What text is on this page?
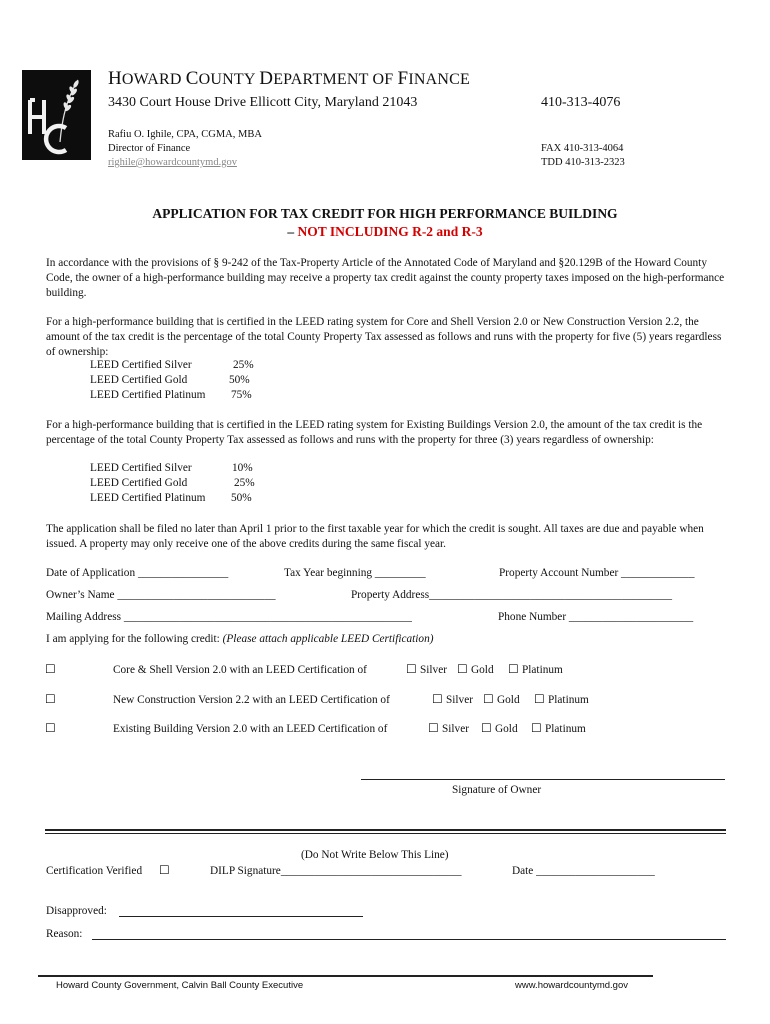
HOWARD COUNTY DEPARTMENT OF FINANCE
3430 Court House Drive Ellicott City, Maryland 21043	410-313-4076
Rafiu O. Ighile, CPA, CGMA, MBA
Director of Finance
righile@howardcountymd.gov
FAX 410-313-4064
TDD 410-313-2323
APPLICATION FOR TAX CREDIT FOR HIGH PERFORMANCE BUILDING
– NOT INCLUDING R-2 and R-3
In accordance with the provisions of § 9-242 of the Tax-Property Article of the Annotated Code of Maryland and §20.129B of the Howard County Code, the owner of a high-performance building may receive a property tax credit against the county property taxes imposed on the high-performance building.
For a high-performance building that is certified in the LEED rating system for Core and Shell Version 2.0 or New Construction Version 2.2, the amount of the tax credit is the percentage of the total County Property Tax assessed as follows and runs with the property for five (5) years regardless of ownership:
LEED Certified Silver	25%
LEED Certified Gold	50%
LEED Certified Platinum 75%
For a high-performance building that is certified in the LEED rating system for Existing Buildings Version 2.0, the amount of the tax credit is the percentage of the total County Property Tax assessed as follows and runs with the property for three (3) years regardless of ownership:
LEED Certified Silver	10%
LEED Certified Gold	25%
LEED Certified Platinum 50%
The application shall be filed no later than April 1 prior to the first taxable year for which the credit is sought. All taxes are due and payable when issued. A property may only receive one of the above credits during the same fiscal year.
Date of Application ________________	Tax Year beginning _________	Property Account Number _____________
Owner’s Name ____________________________	Property Address___________________________________________
Mailing Address ___________________________________________________	Phone Number ______________________
I am applying for the following credit: (Please attach applicable LEED Certification)
☐	Core & Shell Version 2.0 with an LEED Certification of	☐ Silver ☐ Gold ☐ Platinum
☐	New Construction Version 2.2 with an LEED Certification of	☐ Silver ☐ Gold ☐ Platinum
☐	Existing Building Version 2.0 with an LEED Certification of	☐ Silver ☐ Gold ☐ Platinum
Signature of Owner
(Do Not Write Below This Line)
Certification Verified ☐	DILP Signature________________________________	Date _____________________
Disapproved:
Reason:
Howard County Government, Calvin Ball County Executive	www.howardcountymd.gov
